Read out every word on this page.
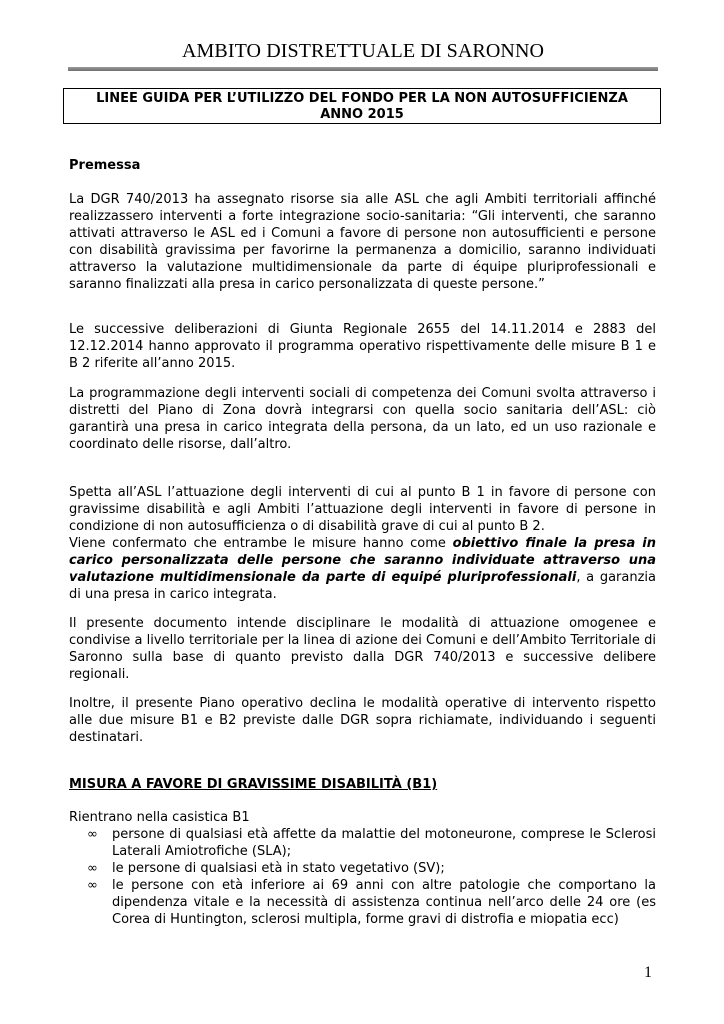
AMBITO DISTRETTUALE DI SARONNO
LINEE GUIDA PER L’UTILIZZO DEL FONDO PER LA NON AUTOSUFFICIENZA
ANNO 2015
Premessa
La DGR 740/2013 ha assegnato risorse sia alle ASL che agli Ambiti territoriali affinché realizzassero interventi a forte integrazione socio-sanitaria: “Gli interventi, che saranno attivati attraverso le ASL ed i Comuni a favore di persone non autosufficienti e persone con disabilità gravissima per favorirne la permanenza a domicilio, saranno individuati attraverso la valutazione multidimensionale da parte di équipe pluriprofessionali e saranno finalizzati alla presa in carico personalizzata di queste persone.”
Le successive deliberazioni di Giunta Regionale 2655 del 14.11.2014 e 2883 del 12.12.2014 hanno approvato il programma operativo rispettivamente delle misure B 1 e B 2 riferite all’anno 2015.
La programmazione degli interventi sociali di competenza dei Comuni svolta attraverso i distretti del Piano di Zona dovrà integrarsi con quella socio sanitaria dell’ASL: ciò garantirà una presa in carico integrata della persona, da un lato, ed un uso razionale e coordinato delle risorse, dall’altro.
Spetta all’ASL l’attuazione degli interventi di cui al punto B 1 in favore di persone con gravissime disabilità e agli Ambiti l’attuazione degli interventi in favore di persone in condizione di non autosufficienza o di disabilità grave di cui al punto B 2.
Viene confermato che entrambe le misure hanno come obiettivo finale la presa in carico personalizzata delle persone che saranno individuate attraverso una valutazione multidimensionale da parte di equipé pluriprofessionali, a garanzia di una presa in carico integrata.
Il presente documento intende disciplinare le modalità di attuazione omogenee e condivise a livello territoriale per la linea di azione dei Comuni e dell’Ambito Territoriale di Saronno sulla base di quanto previsto dalla DGR 740/2013 e successive delibere regionali.
Inoltre, il presente Piano operativo declina le modalità operative di intervento rispetto alle due misure B1 e B2 previste dalle DGR sopra richiamate, individuando i seguenti destinatari.
MISURA A FAVORE DI GRAVISSIME DISABILITÀ (B1)
Rientrano nella casistica B1
∞ persone di qualsiasi età affette da malattie del motoneurone, comprese le Sclerosi Laterali Amiotrofiche (SLA);
∞ le persone di qualsiasi età in stato vegetativo (SV);
∞ le persone con età inferiore ai 69 anni con altre patologie che comportano la dipendenza vitale e la necessità di assistenza continua nell’arco delle 24 ore (es Corea di Huntington, sclerosi multipla, forme gravi di distrofia e miopatia ecc)
1
